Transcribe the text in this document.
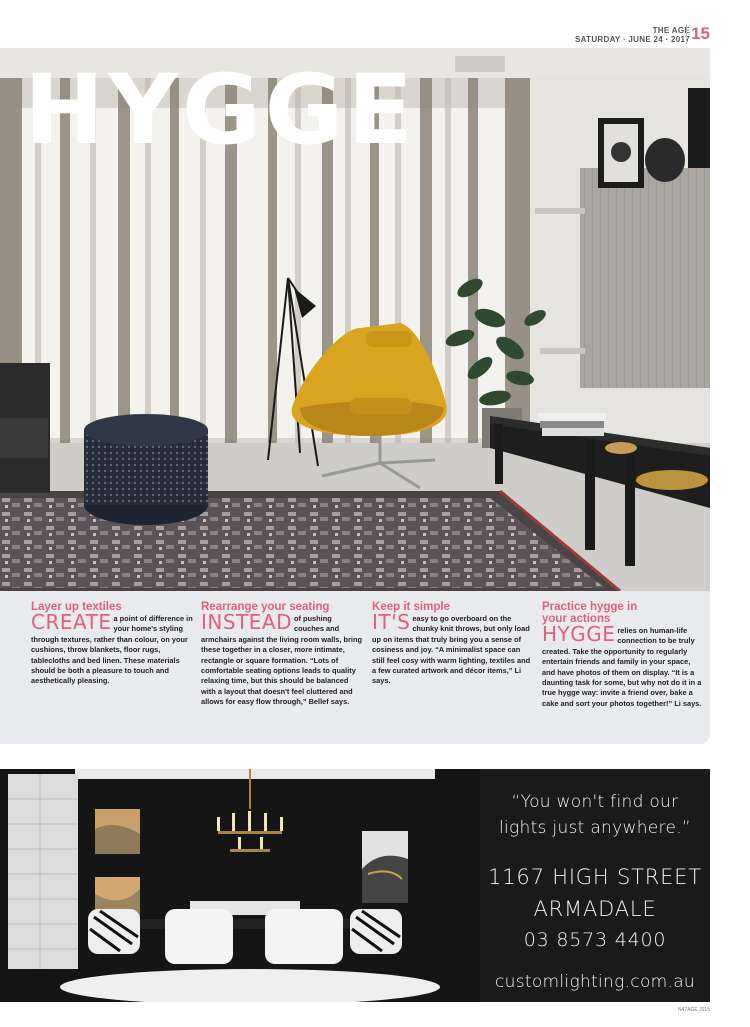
THE AGE
SATURDAY · JUNE 24 · 2017 15
HYGGE
Layer up textiles
CREATE a point of difference in your home's styling through textures, rather than colour, on your cushions, throw blankets, floor rugs, tablecloths and bed linen. These materials should be both a pleasure to touch and aesthetically pleasing.
Rearrange your seating
INSTEAD of pushing couches and armchairs against the living room walls, bring these together in a closer, more intimate, rectangle or square formation. “Lots of comfortable seating options leads to quality relaxing time, but this should be balanced with a layout that doesn't feel cluttered and allows for easy flow through,” Bellef says.
Keep it simple
IT'S easy to go overboard on the chunky knit throws, but only load up on items that truly bring you a sense of cosiness and joy. “A minimalist space can still feel cosy with warm lighting, textiles and a few curated artwork and décor items,” Li says.
Practice hygge in your actions
HYGGE relies on human-life connection to be truly created. Take the opportunity to regularly entertain friends and family in your space, and have photos of them on display. “It is a daunting task for some, but why not do it in a true hygge way: invite a friend over, bake a cake and sort your photos together!” Li says.
“You won't find our
lights just anywhere.”
1167 HIGH STREET
ARMADALE
03 8573 4400
customlighting.com.au
N47AGE J015
